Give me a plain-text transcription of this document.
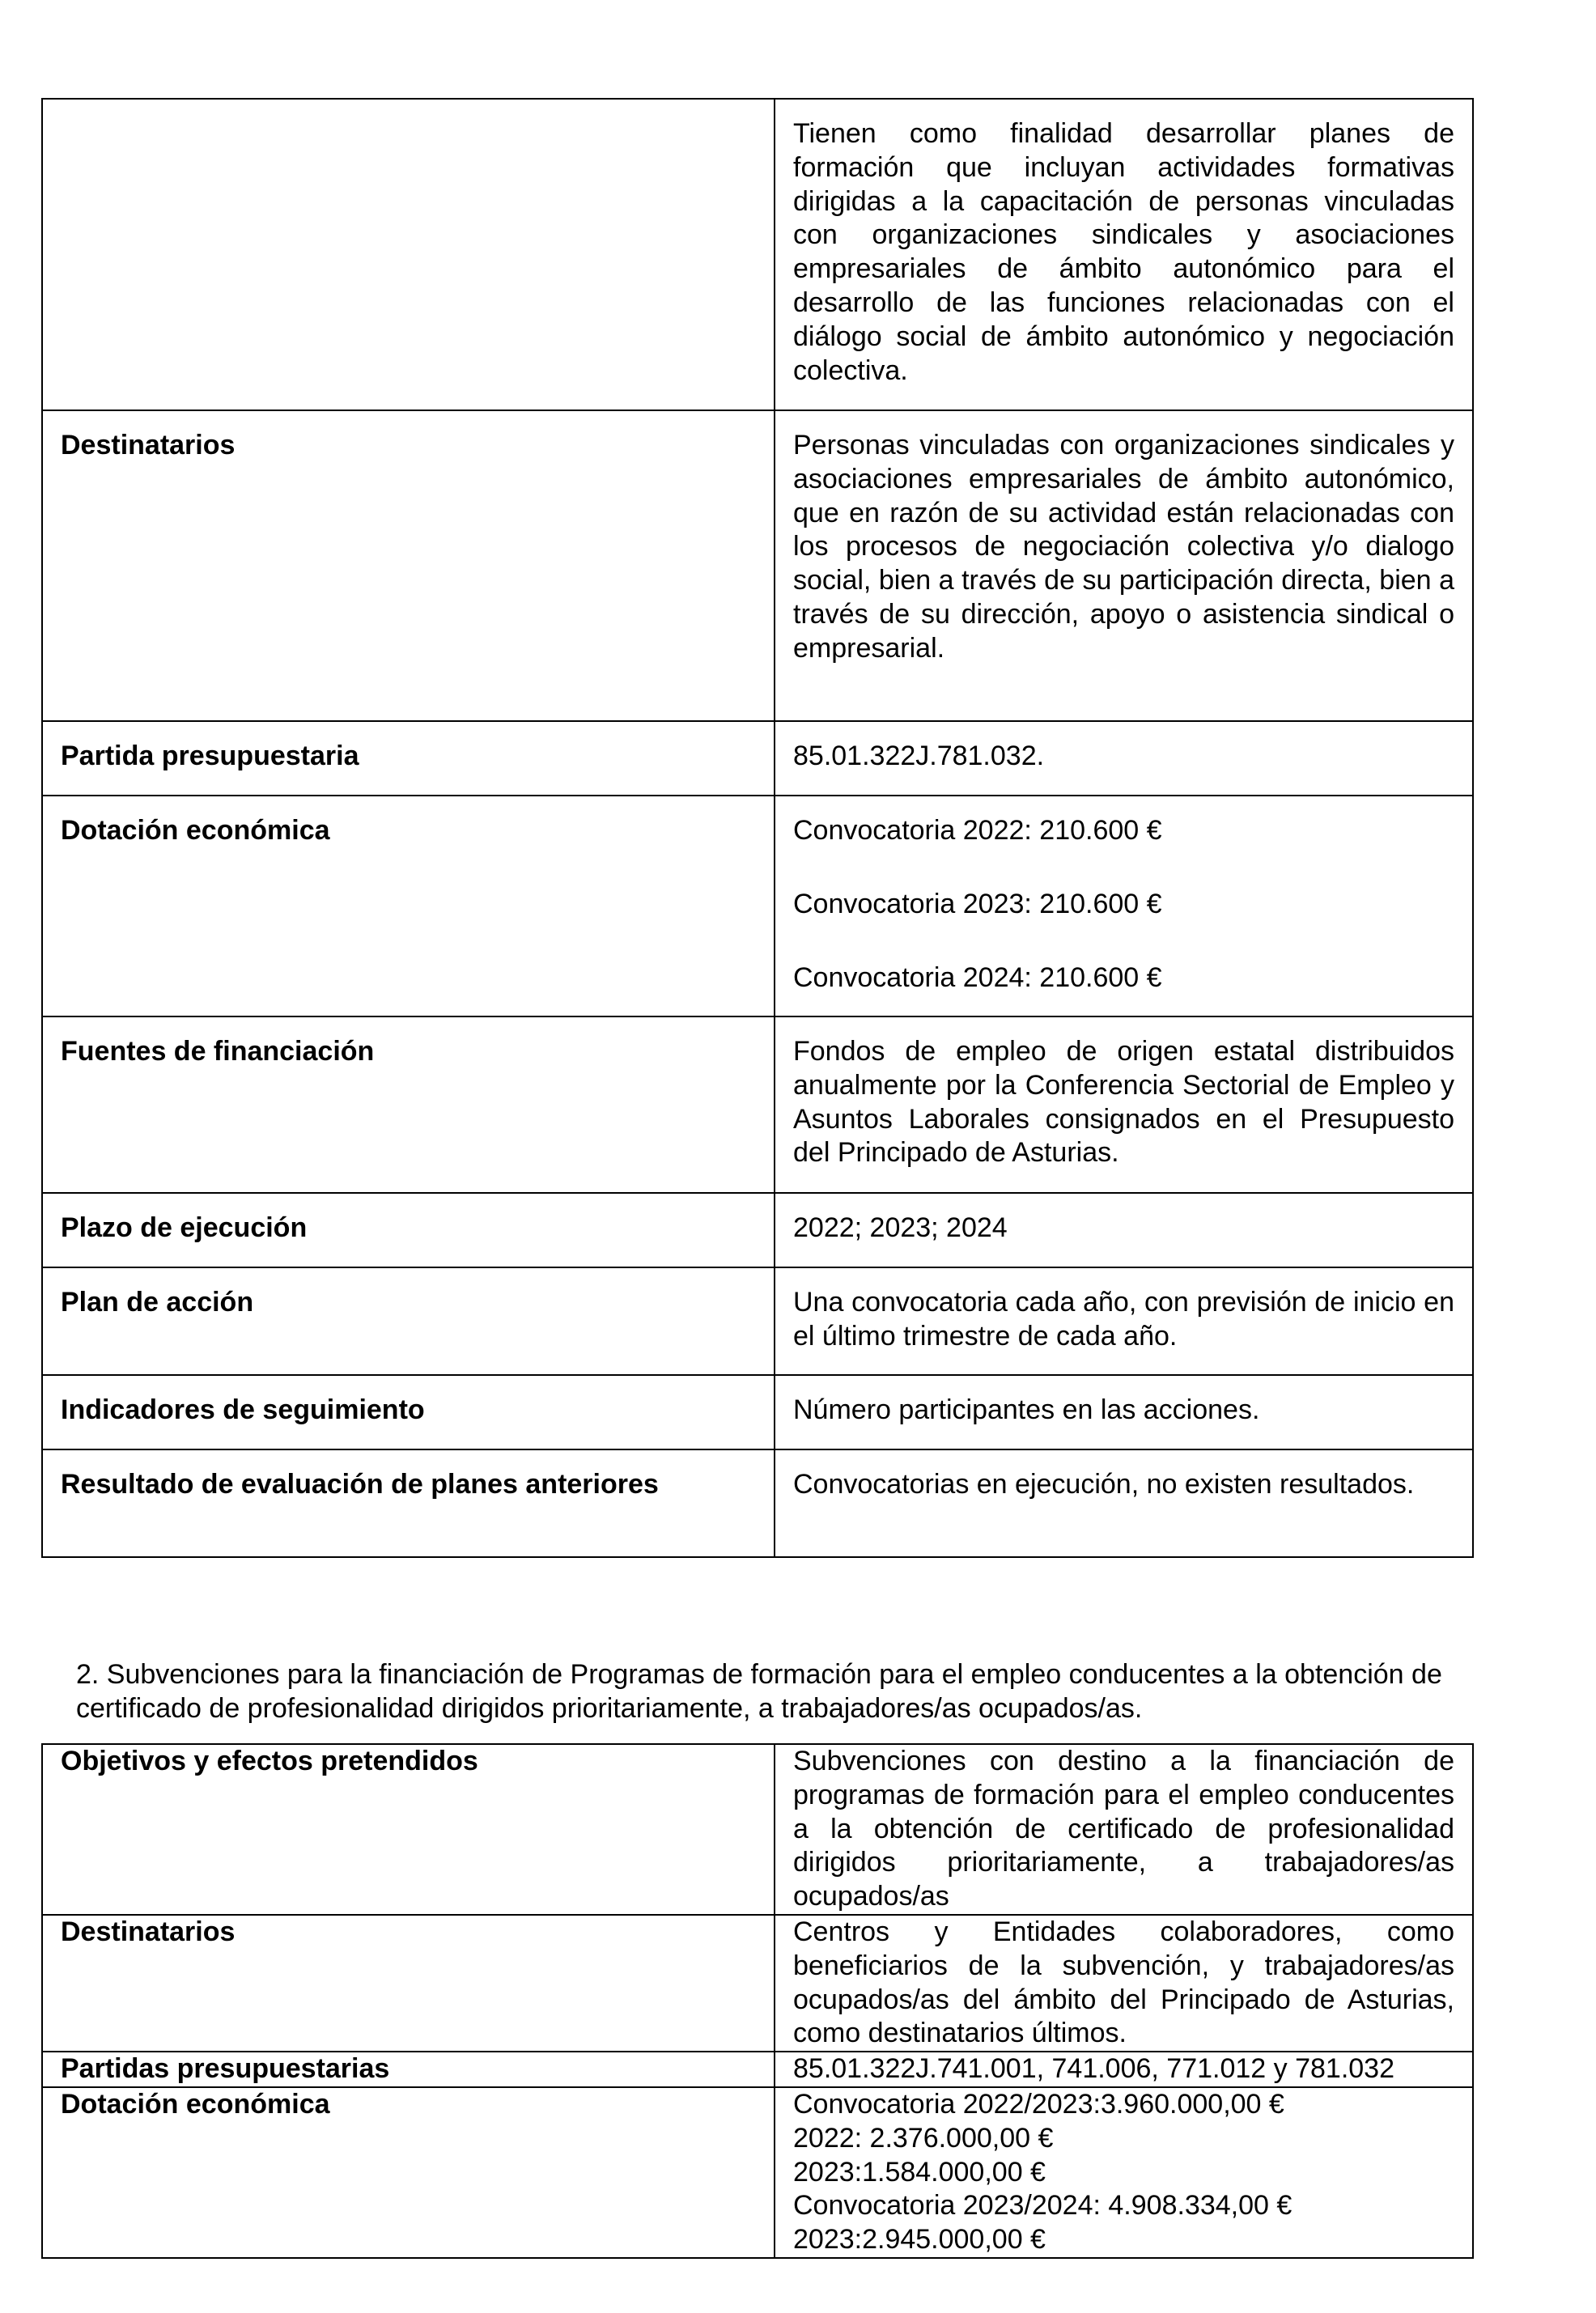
	Tienen como finalidad desarrollar planes de formación que incluyan actividades formativas dirigidas a la capacitación de personas vinculadas con organizaciones sindicales y asociaciones empresariales de ámbito autonómico para el desarrollo de las funciones relacionadas con el diálogo social de ámbito autonómico y negociación colectiva.

Destinatarios	Personas vinculadas con organizaciones sindicales y asociaciones empresariales de ámbito autonómico, que en razón de su actividad están relacionadas con los procesos de negociación colectiva y/o dialogo social, bien a través de su participación directa, bien a través de su dirección, apoyo o asistencia sindical o empresarial.

Partida presupuestaria	85.01.322J.781.032.

Dotación económica	Convocatoria 2022: 210.600 €

Convocatoria 2023: 210.600 €

Convocatoria 2024: 210.600 €

Fuentes de financiación	Fondos de empleo de origen estatal distribuidos anualmente por la Conferencia Sectorial de Empleo y Asuntos Laborales consignados en el Presupuesto del Principado de Asturias.

Plazo de ejecución	2022; 2023; 2024

Plan de acción	Una convocatoria cada año, con previsión de inicio en el último trimestre de cada año.

Indicadores de seguimiento	Número participantes en las acciones.

Resultado de evaluación de planes anteriores	Convocatorias en ejecución, no existen resultados.

2. Subvenciones para la financiación de Programas de formación para el empleo conducentes a la obtención de certificado de profesionalidad dirigidos prioritariamente, a trabajadores/as ocupados/as.

Objetivos y efectos pretendidos	Subvenciones con destino a la financiación de programas de formación para el empleo conducentes a la obtención de certificado de profesionalidad dirigidos prioritariamente, a trabajadores/as ocupados/as

Destinatarios	Centros y Entidades colaboradores, como beneficiarios de la subvención, y trabajadores/as ocupados/as del ámbito del Principado de Asturias, como destinatarios últimos.

Partidas presupuestarias	85.01.322J.741.001, 741.006, 771.012 y 781.032

Dotación económica	Convocatoria 2022/2023:3.960.000,00 €
2022: 2.376.000,00 €
2023:1.584.000,00 €
Convocatoria 2023/2024: 4.908.334,00 €
2023:2.945.000,00 €
